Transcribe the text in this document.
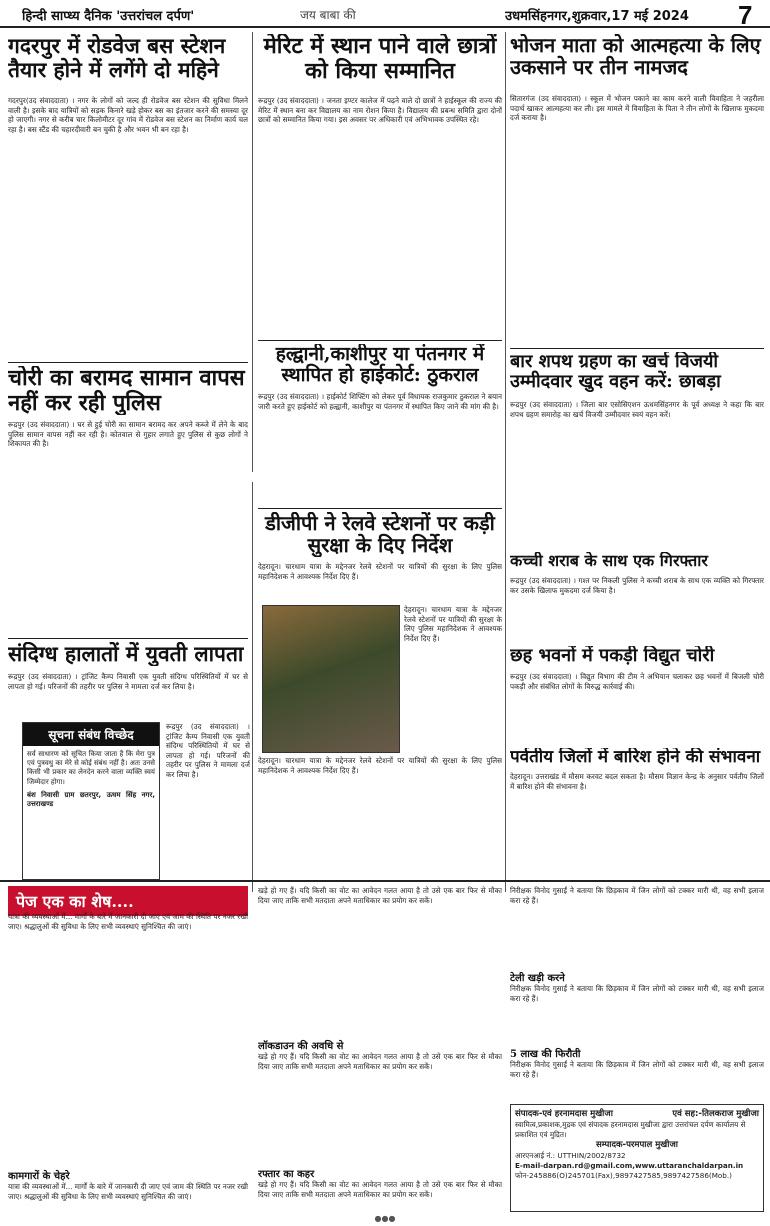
हिन्दी साप्ध्य दैनिक 'उत्तरांचल दर्पण'	जय बाबा की	उधमसिंहनगर,शुक्रवार,17 मई 2024 7
गदरपुर में रोडवेज बस स्टेशन तैयार होने में लगेंगे दो महिने
गदरपुर(उद संवाददाता) । नगर के लोगों को जल्द ही रोडवेज बस स्टेशन की सुविधा मिलने वाली है। इसके बाद यात्रियों को सड़क किनारे खड़े होकर बस का इंतजार करने की समस्या दूर हो जाएगी। नगर से करीब चार किलोमीटर दूर गांव में रोडवेज बस स्टेशन का निर्माण कार्य चल रहा है। बस स्टैंड की चहारदीवारी बन चुकी है और भवन भी बन रहा है।
चोरी का बरामद सामान वापस नहीं कर रही पुलिस
रूद्रपुर (उद संवाददाता) । घर से हुई चोरी का सामान बरामद कर अपने कब्जे में लेने के बाद पुलिस सामान वापस नहीं कर रही है। कोतवाल से गुहार लगाते हुए पुलिस से कुछ लोगों ने शिकायत की है।
संदिग्ध हालातों में युवती लापता
रूद्रपुर (उद संवाददाता) । ट्रांजिट कैम्प निवासी एक युवती संदिग्ध परिस्थितियों में घर से लापता हो गई। परिजनों की तहरीर पर पुलिस ने मामला दर्ज कर लिया है।
सूचना संबंध विच्छेद
सर्व साधारण को सूचित किया जाता है कि मेरा पुत्र एवं पुत्रवधु का मेरे से कोई संबंध नहीं है। अतः उनसे किसी भी प्रकार का लेनदेन करने वाला व्यक्ति स्वयं जिम्मेदार होगा।
बंश निवासी ग्राम छतरपुर, ऊधम सिंह नगर, उत्तराखण्ड
रूद्रपुर (उद संवाददाता) । ट्रांजिट कैम्प निवासी एक युवती संदिग्ध परिस्थितियों में घर से लापता हो गई। परिजनों की तहरीर पर पुलिस ने मामला दर्ज कर लिया है।
मेरिट में स्थान पाने वाले छात्रों को किया सम्मानित
रूद्रपुर (उद संवाददाता) । जनता इण्टर कालेज में पढ़ने वाले दो छात्रों ने हाईस्कूल की राज्य की मेरिट में स्थान बना कर विद्यालय का नाम रोशन किया है। विद्यालय की प्रबन्ध समिति द्वारा दोनों छात्रों को सम्मानित किया गया। इस अवसर पर अधिकारी एवं अभिभावक उपस्थित रहे।
हल्द्वानी,काशीपुर या पंतनगर में स्थापित हो हाईकोर्ट: ठुकराल
रूद्रपुर (उद संवाददाता) । हाईकोर्ट शिफ्टिंग को लेकर पूर्व विधायक राजकुमार ठुकराल ने बयान जारी करते हुए हाईकोर्ट को हल्द्वानी, काशीपुर या पंतनगर में स्थापित किए जाने की मांग की है।
डीजीपी ने रेलवे स्टेशनों पर कड़ी सुरक्षा के दिए निर्देश
देहरादून। चारधाम यात्रा के मद्देनजर रेलवे स्टेशनों पर यात्रियों की सुरक्षा के लिए पुलिस महानिदेशक ने आवश्यक निर्देश दिए हैं।
देहरादून। चारधाम यात्रा के मद्देनजर रेलवे स्टेशनों पर यात्रियों की सुरक्षा के लिए पुलिस महानिदेशक ने आवश्यक निर्देश दिए हैं।
देहरादून। चारधाम यात्रा के मद्देनजर रेलवे स्टेशनों पर यात्रियों की सुरक्षा के लिए पुलिस महानिदेशक ने आवश्यक निर्देश दिए हैं।
भोजन माता को आत्महत्या के लिए उकसाने पर तीन नामजद
सितारगंज (उद संवाददाता) । स्कूल में भोजन पकाने का काम करने वाली विवाहिता ने जहरीला पदार्थ खाकर आत्महत्या कर ली। इस मामले में विवाहिता के पिता ने तीन लोगों के खिलाफ मुकदमा दर्ज कराया है।
बार शपथ ग्रहण का खर्च विजयी उम्मीदवार खुद वहन करें: छाबड़ा
रूद्रपुर (उद संवाददाता) । जिला बार एसोसिएशन ऊधमसिंहनगर के पूर्व अध्यक्ष ने कहा कि बार शपथ ग्रहण समारोह का खर्च विजयी उम्मीदवार स्वयं वहन करें।
कच्ची शराब के साथ एक गिरफ्तार
रूद्रपुर (उद संवाददाता) । गश्त पर निकली पुलिस ने कच्ची शराब के साथ एक व्यक्ति को गिरफ्तार कर उसके खिलाफ मुकदमा दर्ज किया है।
छह भवनों में पकड़ी विद्युत चोरी
रूद्रपुर (उद संवाददाता) । विद्युत विभाग की टीम ने अभियान चलाकर छह भवनों में बिजली चोरी पकड़ी और संबंधित लोगों के विरुद्ध कार्रवाई की।
पर्वतीय जिलों में बारिश होने की संभावना
देहरादून। उत्तराखंड में मौसम करवट बदल सकता है। मौसम विज्ञान केन्द्र के अनुसार पर्वतीय जिलों में बारिश होने की संभावना है।
पेज एक का शेष....
यात्रा की व्यवस्थाओं में... मार्गों के बारे में जानकारी दी जाए एवं जाम की स्थिति पर नजर रखी जाए। श्रद्धालुओं की सुविधा के लिए सभी व्यवस्थाएं सुनिश्चित की जाएं।
कामगारों के चेहरे
यात्रा की व्यवस्थाओं में... मार्गों के बारे में जानकारी दी जाए एवं जाम की स्थिति पर नजर रखी जाए। श्रद्धालुओं की सुविधा के लिए सभी व्यवस्थाएं सुनिश्चित की जाएं।
खड़े हो गए हैं। यदि किसी का वोट का आवेदन गलत आया है तो उसे एक बार फिर से मौका दिया जाए ताकि सभी मतदाता अपने मताधिकार का प्रयोग कर सकें।
लॉकडाउन की अवधि से
खड़े हो गए हैं। यदि किसी का वोट का आवेदन गलत आया है तो उसे एक बार फिर से मौका दिया जाए ताकि सभी मतदाता अपने मताधिकार का प्रयोग कर सकें।
रफ्तार का कहर
खड़े हो गए हैं। यदि किसी का वोट का आवेदन गलत आया है तो उसे एक बार फिर से मौका दिया जाए ताकि सभी मतदाता अपने मताधिकार का प्रयोग कर सकें।
निरीक्षक विनोद गुसाईं ने बताया कि छिड़काव में जिन लोगों को टक्कर मारी थी, वह सभी इलाज करा रहे हैं।
टेली खड़ी करने
निरीक्षक विनोद गुसाईं ने बताया कि छिड़काव में जिन लोगों को टक्कर मारी थी, वह सभी इलाज करा रहे हैं।
5 लाख की फिरौती
निरीक्षक विनोद गुसाईं ने बताया कि छिड़काव में जिन लोगों को टक्कर मारी थी, वह सभी इलाज करा रहे हैं।
संपादक-एवं हरनामदास मुखीजा	एवं सह:-तिलकराज मुखीजा
स्वामित्व,प्रकाशक,मुद्रक एवं संपादक हरनामदास मुखीजा द्वारा उत्तरांचल दर्पण कार्यालय से प्रकाशित एवं मुद्रित।
सम्पादक-परमपाल मुखीजा
आरएनआई नं.: UTTHIN/2002/8732
E-mail-darpan.rd@gmail.com,www.uttaranchaldarpan.in
फोन-245886(O)245701(Fax),9897427585,9897427586(Mob.)
●●●
